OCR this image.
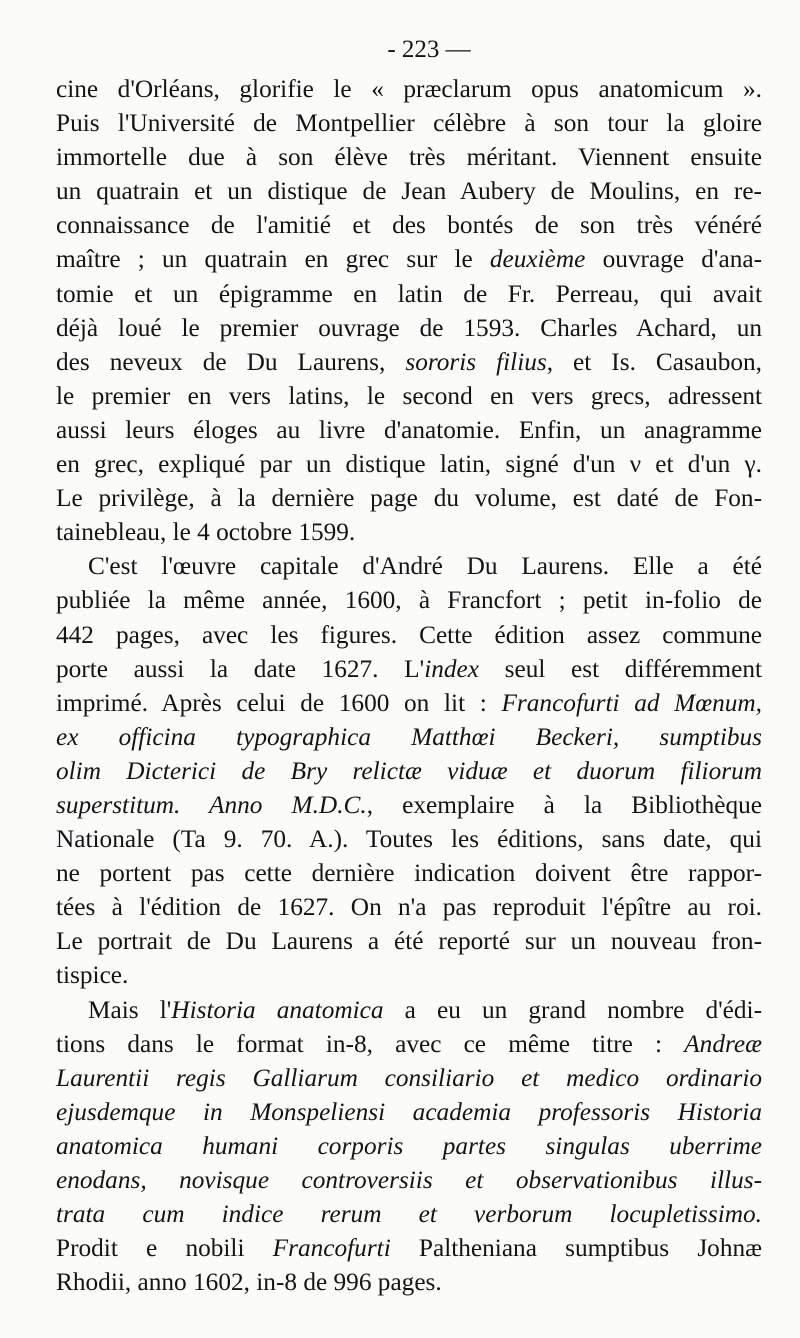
- 223 —
cine d'Orléans, glorifie le « præclarum opus anatomicum ».
Puis l'Université de Montpellier célèbre à son tour la gloire
immortelle due à son élève très méritant. Viennent ensuite
un quatrain et un distique de Jean Aubery de Moulins, en re-
connaissance de l'amitié et des bontés de son très vénéré
maître ; un quatrain en grec sur le deuxième ouvrage d'ana-
tomie et un épigramme en latin de Fr. Perreau, qui avait
déjà loué le premier ouvrage de 1593. Charles Achard, un
des neveux de Du Laurens, sororis filius, et Is. Casaubon,
le premier en vers latins, le second en vers grecs, adressent
aussi leurs éloges au livre d'anatomie. Enfin, un anagramme
en grec, expliqué par un distique latin, signé d'un ν et d'un γ.
Le privilège, à la dernière page du volume, est daté de Fon-
tainebleau, le 4 octobre 1599.
C'est l'œuvre capitale d'André Du Laurens. Elle a été
publiée la même année, 1600, à Francfort ; petit in-folio de
442 pages, avec les figures. Cette édition assez commune
porte aussi la date 1627. L'index seul est différemment
imprimé. Après celui de 1600 on lit : Francofurti ad Mœnum,
ex officina typographica Matthœi Beckeri, sumptibus
olim Dicterici de Bry relictæ viduæ et duorum filiorum
superstitum. Anno M.D.C., exemplaire à la Bibliothèque
Nationale (Ta 9. 70. A.). Toutes les éditions, sans date, qui
ne portent pas cette dernière indication doivent être rappor-
tées à l'édition de 1627. On n'a pas reproduit l'épître au roi.
Le portrait de Du Laurens a été reporté sur un nouveau fron-
tispice.
Mais l'Historia anatomica a eu un grand nombre d'édi-
tions dans le format in-8, avec ce même titre : Andreæ
Laurentii regis Galliarum consiliario et medico ordinario
ejusdemque in Monspeliensi academia professoris Historia
anatomica humani corporis partes singulas uberrime
enodans, novisque controversiis et observationibus illus-
trata cum indice rerum et verborum locupletissimo.
Prodit e nobili Francofurti Paltheniana sumptibus Johnæ
Rhodii, anno 1602, in-8 de 996 pages.
